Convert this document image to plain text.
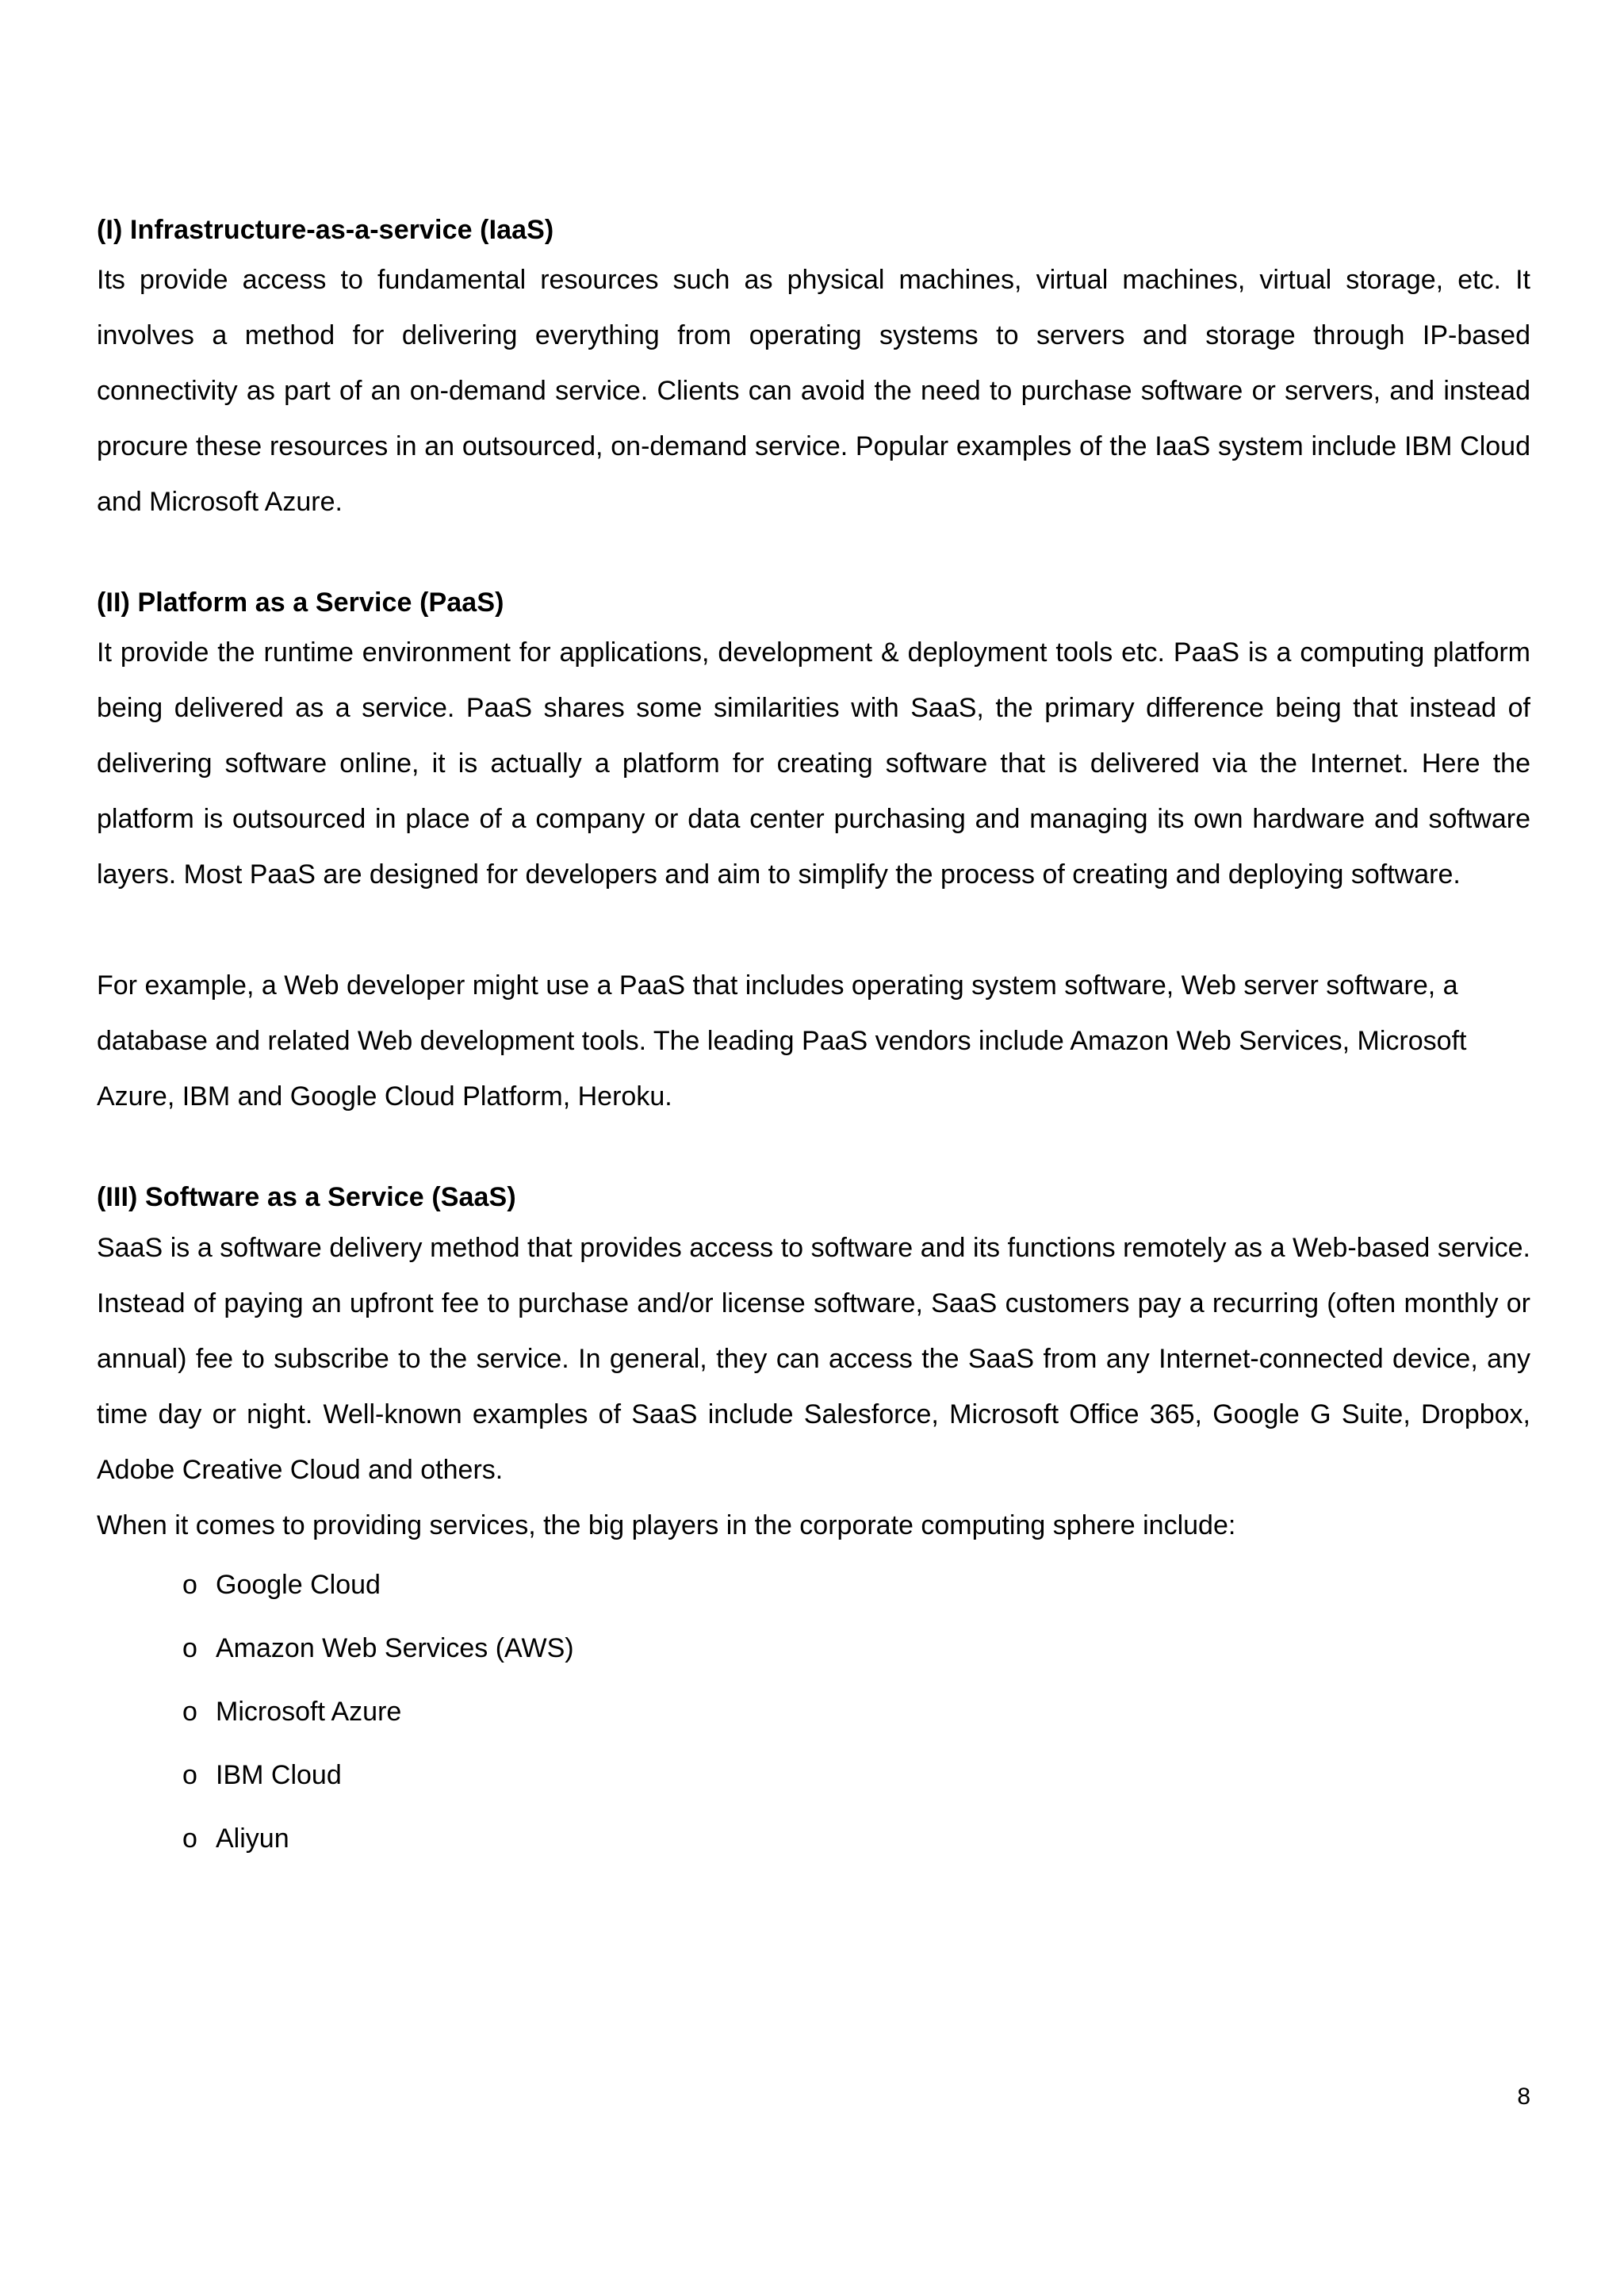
(I) Infrastructure-as-a-service (IaaS)

Its provide access to fundamental resources such as physical machines, virtual machines, virtual storage, etc. It involves a method for delivering everything from operating systems to servers and storage through IP-based connectivity as part of an on-demand service. Clients can avoid the need to purchase software or servers, and instead procure these resources in an outsourced, on-demand service. Popular examples of the IaaS system include IBM Cloud and Microsoft Azure.

(II) Platform as a Service (PaaS)

It provide the runtime environment for applications, development & deployment tools etc. PaaS is a computing platform being delivered as a service. PaaS shares some similarities with SaaS, the primary difference being that instead of delivering software online, it is actually a platform for creating software that is delivered via the Internet. Here the platform is outsourced in place of a company or data center purchasing and managing its own hardware and software layers. Most PaaS are designed for developers and aim to simplify the process of creating and deploying software.

For example, a Web developer might use a PaaS that includes operating system software, Web server software, a database and related Web development tools. The leading PaaS vendors include Amazon Web Services, Microsoft Azure, IBM and Google Cloud Platform, Heroku.

(III) Software as a Service (SaaS)

SaaS is a software delivery method that provides access to software and its functions remotely as a Web-based service. Instead of paying an upfront fee to purchase and/or license software, SaaS customers pay a recurring (often monthly or annual) fee to subscribe to the service. In general, they can access the SaaS from any Internet-connected device, any time day or night. Well-known examples of SaaS include Salesforce, Microsoft Office 365, Google G Suite, Dropbox, Adobe Creative Cloud and others.

When it comes to providing services, the big players in the corporate computing sphere include:

o Google Cloud
o Amazon Web Services (AWS)
o Microsoft Azure
o IBM Cloud
o Aliyun
8
